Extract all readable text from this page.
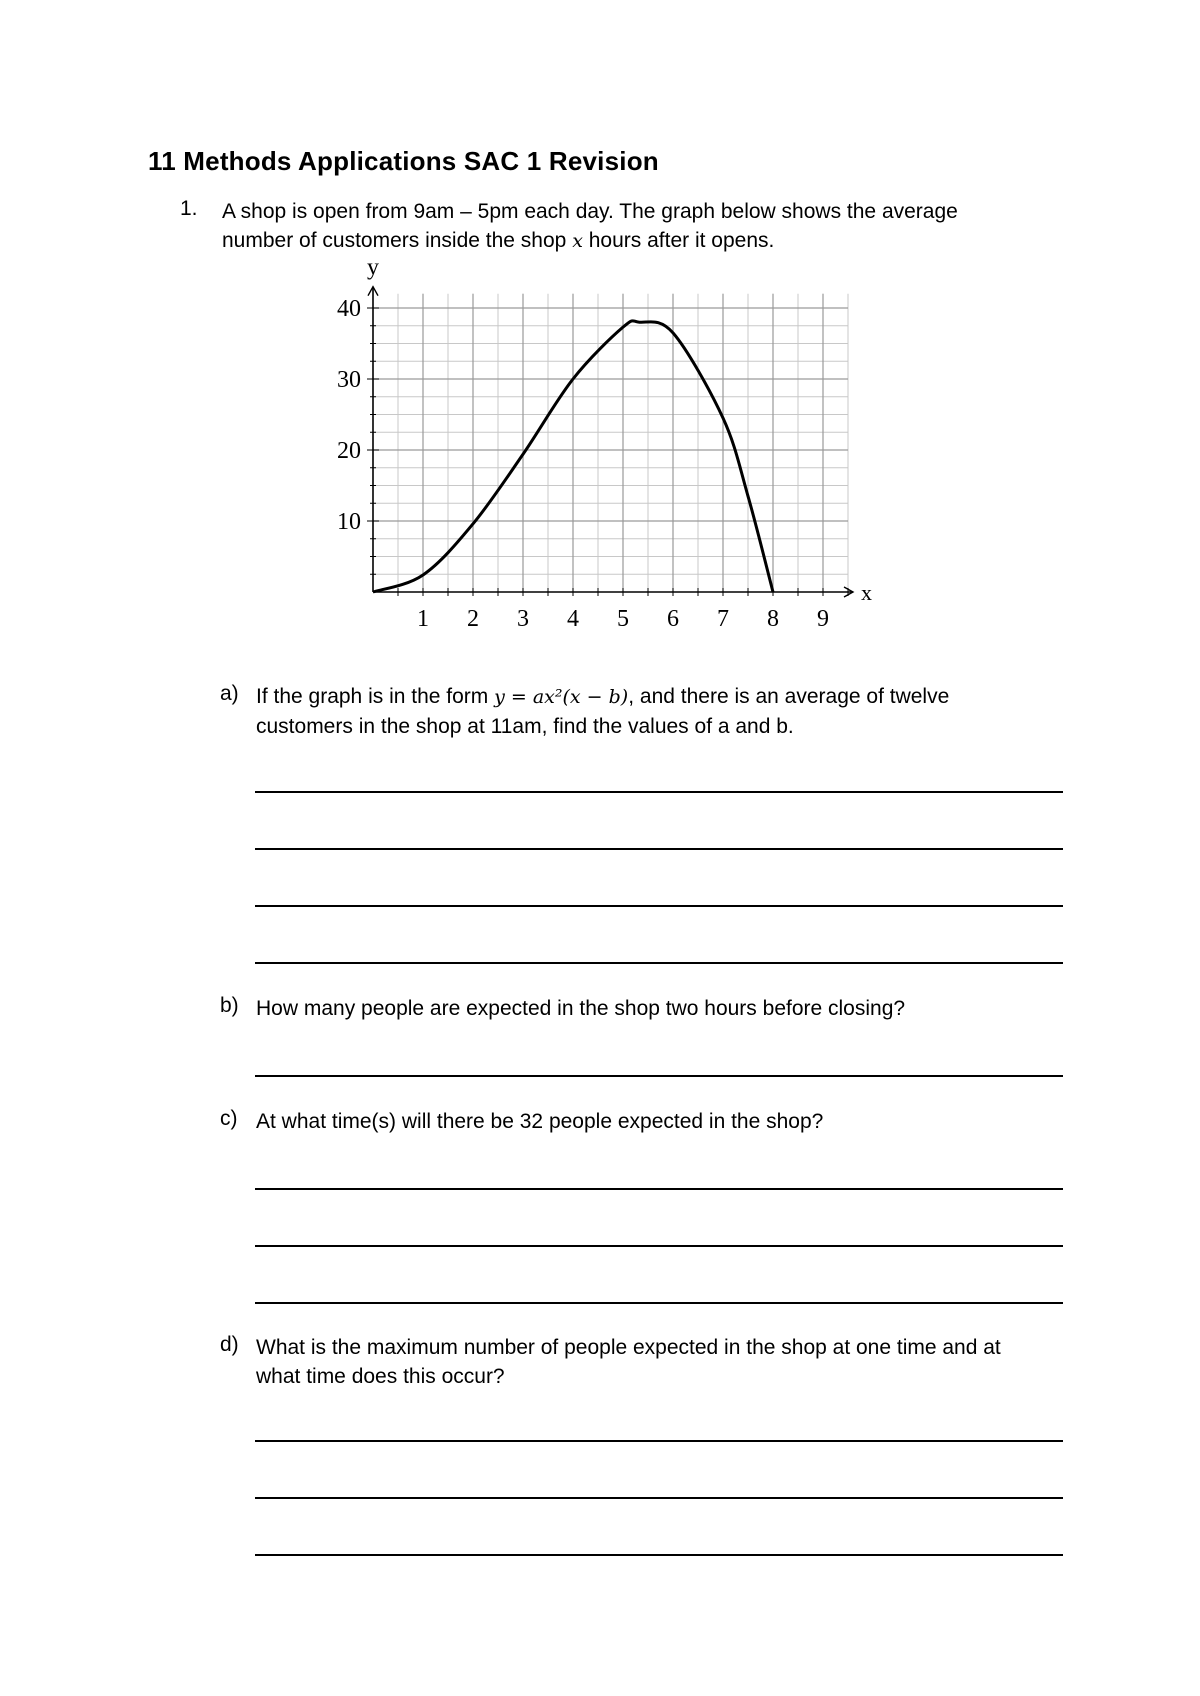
11 Methods Applications SAC 1 Revision
1. A shop is open from 9am – 5pm each day. The graph below shows the average
number of customers inside the shop x hours after it opens.
1 2 3 4 5 6 7 8 9
10
20
30
40
x
y
a) If the graph is in the form y = ax²(x − b), and there is an average of twelve
customers in the shop at 11am, find the values of a and b.
b) How many people are expected in the shop two hours before closing?
c) At what time(s) will there be 32 people expected in the shop?
d) What is the maximum number of people expected in the shop at one time and at
what time does this occur?
